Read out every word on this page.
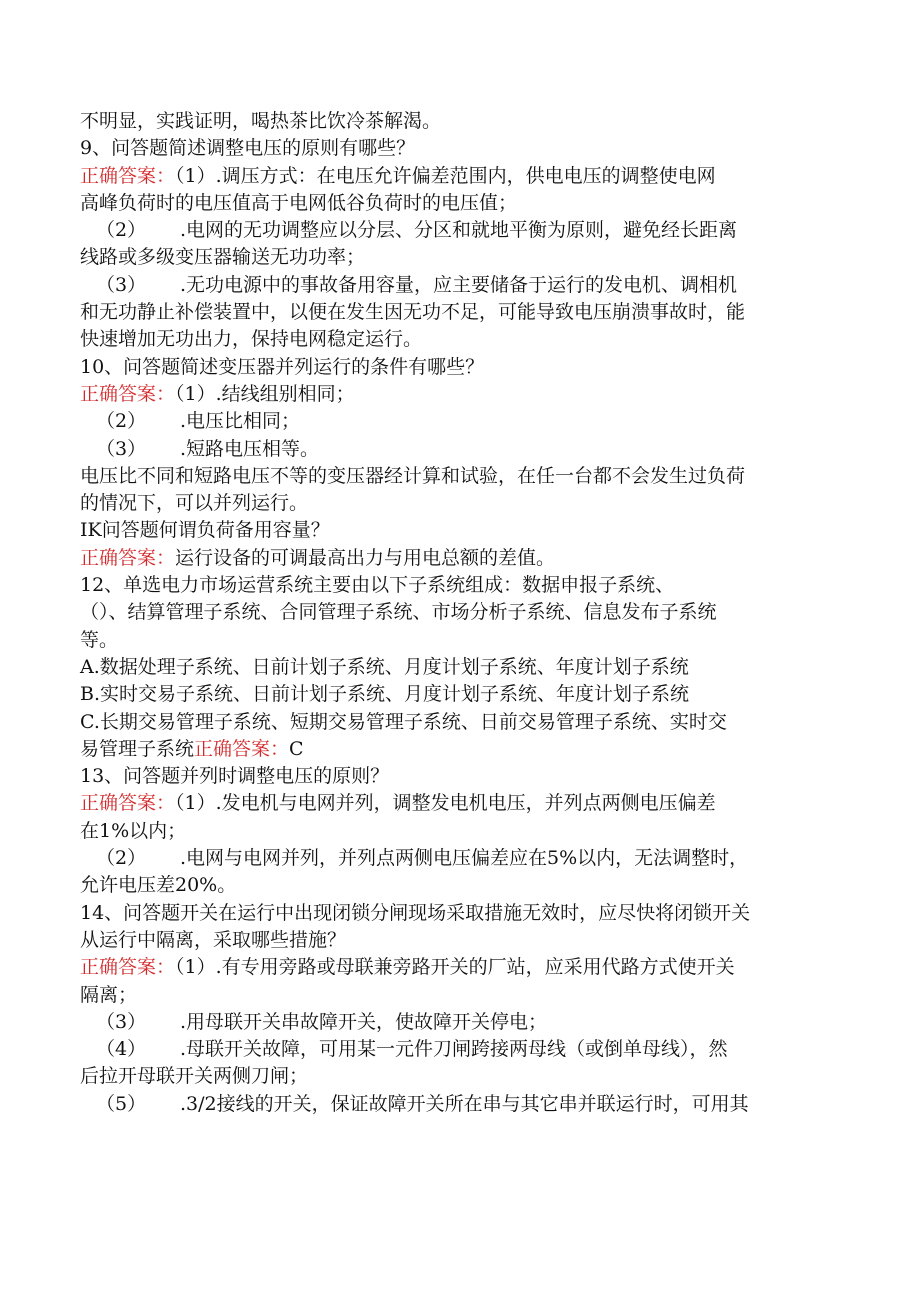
不明显，实践证明，喝热茶比饮冷茶解渴。
9、问答题简述调整电压的原则有哪些？
正确答案：（1）.调压方式：在电压允许偏差范围内，供电电压的调整使电网
高峰负荷时的电压值高于电网低谷负荷时的电压值；
（2） .电网的无功调整应以分层、分区和就地平衡为原则，避免经长距离
线路或多级变压器输送无功功率；
（3） .无功电源中的事故备用容量，应主要储备于运行的发电机、调相机
和无功静止补偿装置中，以便在发生因无功不足，可能导致电压崩溃事故时，能
快速增加无功出力，保持电网稳定运行。
10、问答题简述变压器并列运行的条件有哪些？
正确答案：（1）.结线组别相同；
（2） .电压比相同；
（3） .短路电压相等。
电压比不同和短路电压不等的变压器经计算和试验，在任一台都不会发生过负荷
的情况下，可以并列运行。
IK问答题何谓负荷备用容量？
正确答案：运行设备的可调最高出力与用电总额的差值。
12、单选电力市场运营系统主要由以下子系统组成：数据申报子系统、
（）、结算管理子系统、合同管理子系统、市场分析子系统、信息发布子系统
等。
A.数据处理子系统、日前计划子系统、月度计划子系统、年度计划子系统
B.实时交易子系统、日前计划子系统、月度计划子系统、年度计划子系统
C.长期交易管理子系统、短期交易管理子系统、日前交易管理子系统、实时交
易管理子系统正确答案：C
13、问答题并列时调整电压的原则？
正确答案：（1）.发电机与电网并列，调整发电机电压，并列点两侧电压偏差
在1%以内；
（2） .电网与电网并列，并列点两侧电压偏差应在5%以内，无法调整时，
允许电压差20%。
14、问答题开关在运行中出现闭锁分闸现场采取措施无效时，应尽快将闭锁开关
从运行中隔离，采取哪些措施？
正确答案：（1）.有专用旁路或母联兼旁路开关的厂站，应采用代路方式使开关
隔离；
（3） .用母联开关串故障开关，使故障开关停电；
（4） .母联开关故障，可用某一元件刀闸跨接两母线（或倒单母线），然
后拉开母联开关两侧刀闸；
（5） .3/2接线的开关，保证故障开关所在串与其它串并联运行时，可用其
